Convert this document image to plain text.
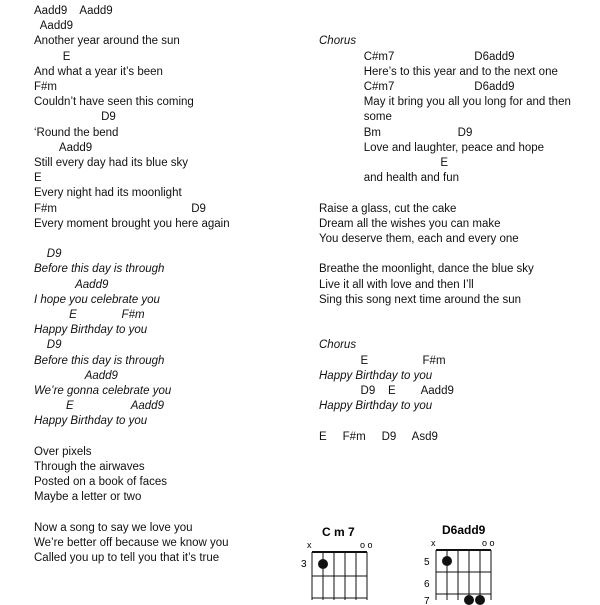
Aadd9    Aadd9
Aadd9
Another year around the sun
E
And what a year it’s been
F#m
Couldn’t have seen this coming
D9
‘Round the bend
Aadd9
Still every day had its blue sky
E
Every night had its moonlight
F#m                                          D9
Every moment brought you here again
D9
Before this day is through
Aadd9
I hope you celebrate you
E              F#m
Happy Birthday to you
D9
Before this day is through
Aadd9
We’re gonna celebrate you
E                  Aadd9
Happy Birthday to you
Over pixels
Through the airwaves
Posted on a book of faces
Maybe a letter or two
Now a song to say we love you
We’re better off because we know you
Called you up to tell you that it’s true
Chorus
C#m7                         D6add9
Here’s to this year and to the next one
C#m7                         D6add9
May it bring you all you long for and then
some
Bm                        D9
Love and laughter, peace and hope
E
and health and fun
Raise a glass, cut the cake
Dream all the wishes you can make
You deserve them, each and every one
Breathe the moonlight, dance the blue sky
Live it all with love and then I’ll
Sing this song next time around the sun
Chorus
E                 F#m
Happy Birthday to you
D9    E        Aadd9
Happy Birthday to you
E     F#m     D9     Asd9
C m 7
x	o o
3
D6add9
x	o o
5
6
7
